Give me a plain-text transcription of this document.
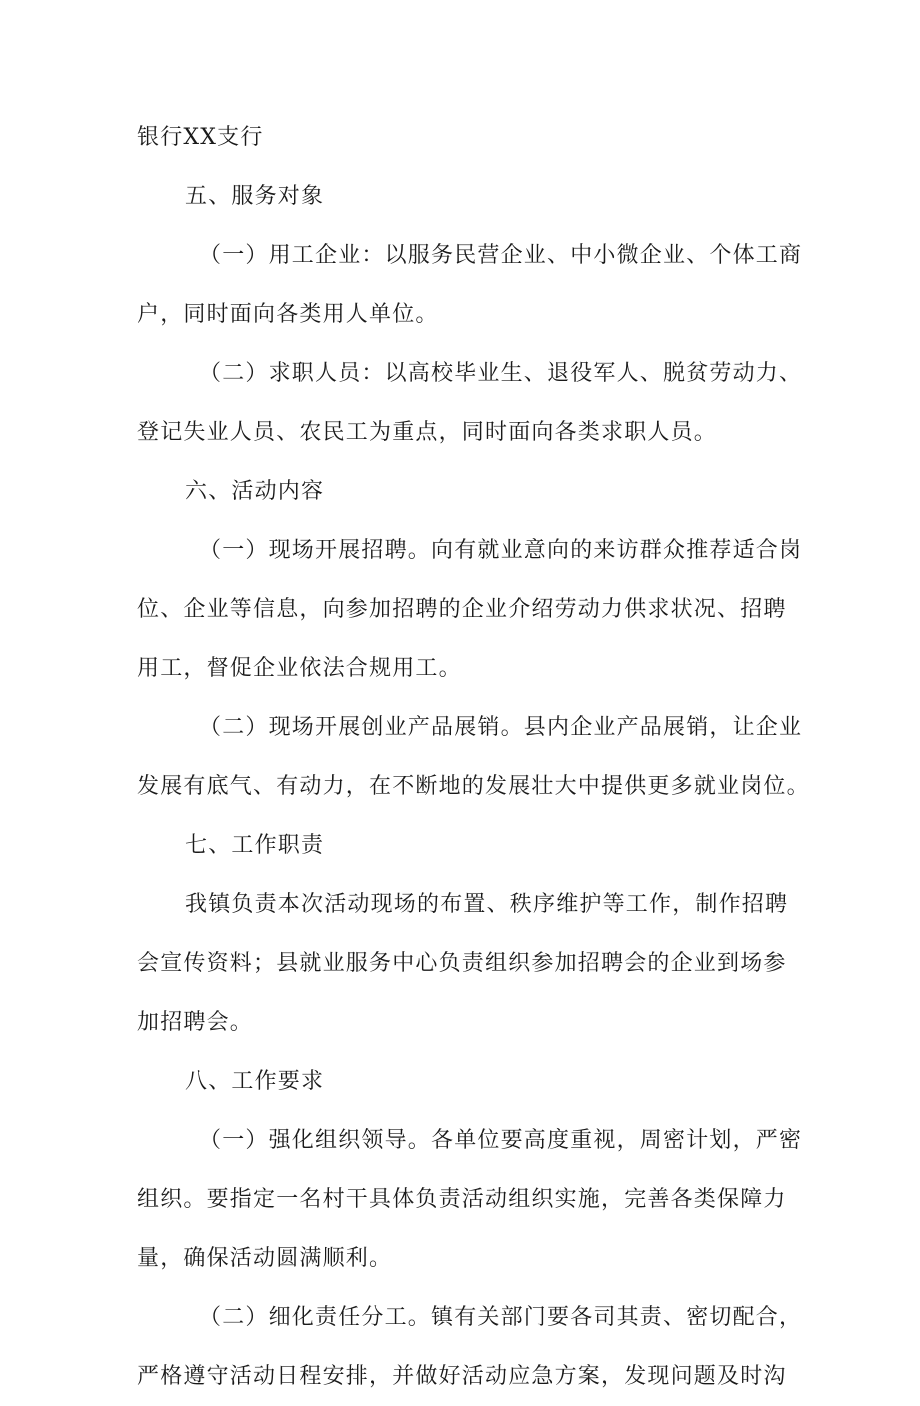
银行XX支行
五、服务对象
（一）用工企业：以服务民营企业、中小微企业、个体工商
户，同时面向各类用人单位。
（二）求职人员：以高校毕业生、退役军人、脱贫劳动力、
登记失业人员、农民工为重点，同时面向各类求职人员。
六、活动内容
（一）现场开展招聘。向有就业意向的来访群众推荐适合岗
位、企业等信息，向参加招聘的企业介绍劳动力供求状况、招聘
用工，督促企业依法合规用工。
（二）现场开展创业产品展销。县内企业产品展销，让企业
发展有底气、有动力，在不断地的发展壮大中提供更多就业岗位。
七、工作职责
我镇负责本次活动现场的布置、秩序维护等工作，制作招聘
会宣传资料；县就业服务中心负责组织参加招聘会的企业到场参
加招聘会。
八、工作要求
（一）强化组织领导。各单位要高度重视，周密计划，严密
组织。要指定一名村干具体负责活动组织实施，完善各类保障力
量，确保活动圆满顺利。
（二）细化责任分工。镇有关部门要各司其责、密切配合，
严格遵守活动日程安排，并做好活动应急方案，发现问题及时沟
